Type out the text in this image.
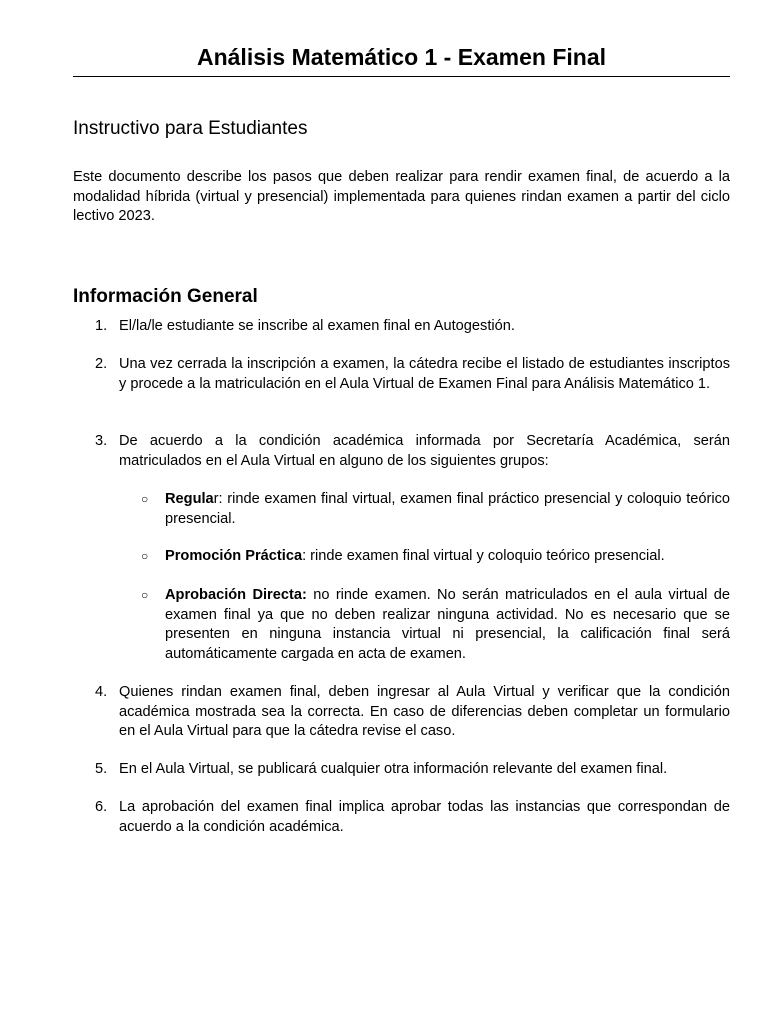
Análisis Matemático 1 - Examen Final
Instructivo para Estudiantes
Este documento describe los pasos que deben realizar para rendir examen final, de acuerdo a la modalidad híbrida (virtual y presencial) implementada para quienes rindan examen a partir del ciclo lectivo 2023.
Información General
1. El/la/le estudiante se inscribe al examen final en Autogestión.
2. Una vez cerrada la inscripción a examen, la cátedra recibe el listado de estudiantes inscriptos y procede a la matriculación en el Aula Virtual de Examen Final para Análisis Matemático 1.
3. De acuerdo a la condición académica informada por Secretaría Académica, serán matriculados en el Aula Virtual en alguno de los siguientes grupos:
○	Regular: rinde examen final virtual, examen final práctico presencial y coloquio teórico presencial.
○	Promoción Práctica: rinde examen final virtual y coloquio teórico presencial.
○	Aprobación Directa: no rinde examen. No serán matriculados en el aula virtual de examen final ya que no deben realizar ninguna actividad. No es necesario que se presenten en ninguna instancia virtual ni presencial, la calificación final será automáticamente cargada en acta de examen.
4. Quienes rindan examen final, deben ingresar al Aula Virtual y verificar que la condición académica mostrada sea la correcta. En caso de diferencias deben completar un formulario en el Aula Virtual para que la cátedra revise el caso.
5. En el Aula Virtual, se publicará cualquier otra información relevante del examen final.
6. La aprobación del examen final implica aprobar todas las instancias que correspondan de acuerdo a la condición académica.
